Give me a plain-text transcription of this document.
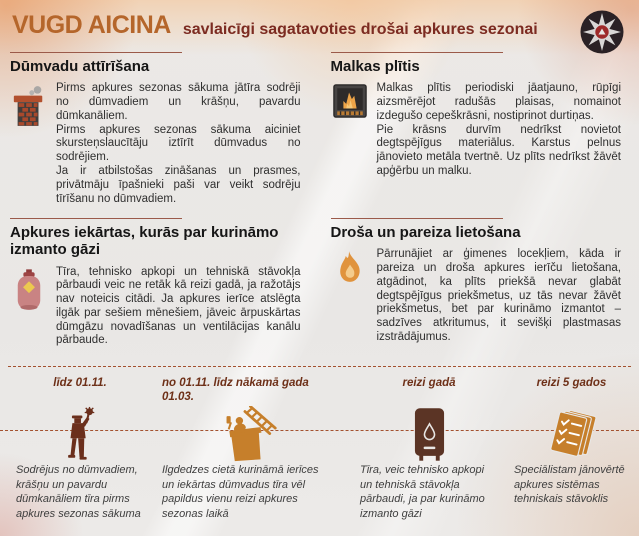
VUGD AICINA savlaicīgi sagatavoties drošai apkures sezonai
Dūmvadu attīrīšana

Pirms apkures sezonas sākuma jātīra sodrēji no dūmvadiem un krāšņu, pavardu dūmkanāliem.

Pirms apkures sezonas sākuma aiciniet skursteņslaucītāju iztīrīt dūmvadus no sodrējiem.

Ja ir atbilstošas zināšanas un prasmes, privātmāju īpašnieki paši var veikt sodrēju tīrīšanu no dūmvadiem.

Malkas plītis

Malkas plītis periodiski jāatjauno, rūpīgi aizsmērējot radušās plaisas, nomainot izdegušo cepeškrāsni, nostiprinot durtiņas.

Pie krāsns durvīm nedrīkst novietot degtspējīgus materiālus. Karstus pelnus jānovieto metāla tvertnē. Uz plīts nedrīkst žāvēt apģērbu un malku.

Apkures iekārtas, kurās par kurināmo izmanto gāzi

Tīra, tehnisko apkopi un tehniskā stāvokļa pārbaudi veic ne retāk kā reizi gadā, ja ražotājs nav noteicis citādi. Ja apkures ierīce atslēgta ilgāk par sešiem mēnešiem, jāveic ārpuskārtas dūmgāzu novadīšanas un ventilācijas kanālu pārbaude.

Droša un pareiza lietošana

Pārrunājiet ar ģimenes locekļiem, kāda ir pareiza un droša apkures ierīču lietošana, atgādinot, ka plīts priekšā nevar glabāt degtspējīgus priekšmetus, uz tās nevar žāvēt priekšmetus, bet par kurināmo izmantot – sadzīves atkritumus, it sevišķi plastmasas izstrādājumus.

līdz 01.11.
Sodrējus no dūmvadiem, krāšņu un pavardu dūmkanāliem tīra pirms apkures sezonas sākuma
no 01.11. līdz nākamā gada 01.03.
Ilgdedzes cietā kurināmā ierīces un iekārtas dūmvadus tīra vēl papildus vienu reizi apkures sezonas laikā
reizi gadā
Tīra, veic tehnisko apkopi un tehniskā stāvokļa pārbaudi, ja par kurināmo izmanto gāzi
reizi 5 gados
Speciālistam jānovērtē apkures sistēmas tehniskais stāvoklis
